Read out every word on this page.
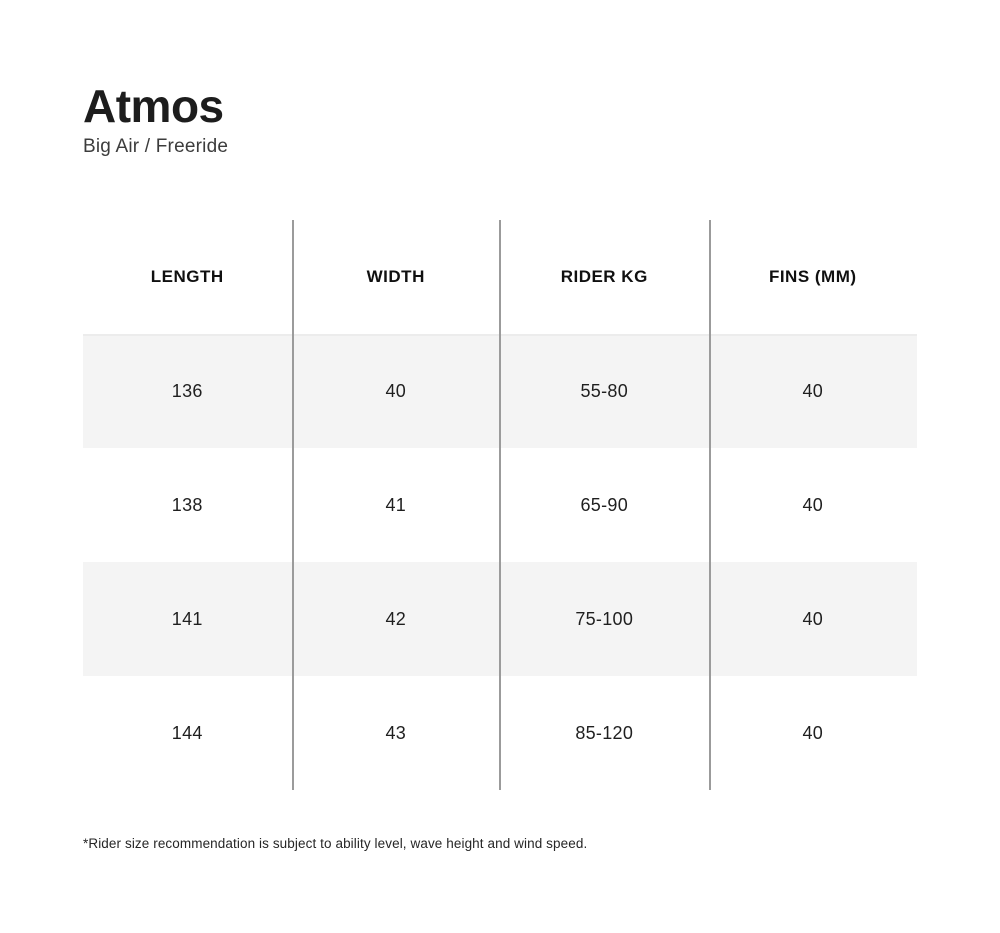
Atmos
Big Air / Freeride
LENGTH	WIDTH	RIDER KG	FINS (MM)
136	40	55-80	40
138	41	65-90	40
141	42	75-100	40
144	43	85-120	40
*Rider size recommendation is subject to ability level, wave height and wind speed.
